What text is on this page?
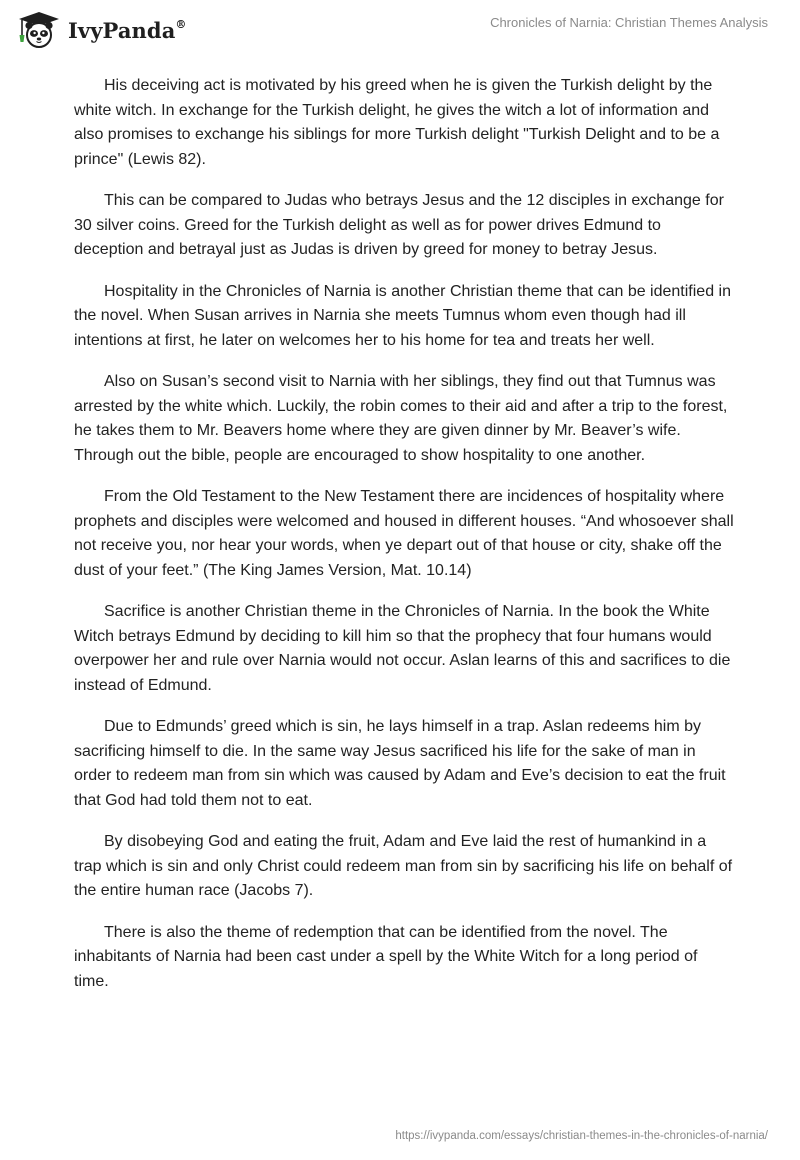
IvyPanda®	Chronicles of Narnia: Christian Themes Analysis

His deceiving act is motivated by his greed when he is given the Turkish delight by the white witch. In exchange for the Turkish delight, he gives the witch a lot of information and also promises to exchange his siblings for more Turkish delight "Turkish Delight and to be a prince" (Lewis 82).

This can be compared to Judas who betrays Jesus and the 12 disciples in exchange for 30 silver coins. Greed for the Turkish delight as well as for power drives Edmund to deception and betrayal just as Judas is driven by greed for money to betray Jesus.

Hospitality in the Chronicles of Narnia is another Christian theme that can be identified in the novel. When Susan arrives in Narnia she meets Tumnus whom even though had ill intentions at first, he later on welcomes her to his home for tea and treats her well.

Also on Susan’s second visit to Narnia with her siblings, they find out that Tumnus was arrested by the white which. Luckily, the robin comes to their aid and after a trip to the forest, he takes them to Mr. Beavers home where they are given dinner by Mr. Beaver’s wife. Through out the bible, people are encouraged to show hospitality to one another.

From the Old Testament to the New Testament there are incidences of hospitality where prophets and disciples were welcomed and housed in different houses. “And whosoever shall not receive you, nor hear your words, when ye depart out of that house or city, shake off the dust of your feet.” (The King James Version, Mat. 10.14)

Sacrifice is another Christian theme in the Chronicles of Narnia. In the book the White Witch betrays Edmund by deciding to kill him so that the prophecy that four humans would overpower her and rule over Narnia would not occur. Aslan learns of this and sacrifices to die instead of Edmund.

Due to Edmunds’ greed which is sin, he lays himself in a trap. Aslan redeems him by sacrificing himself to die. In the same way Jesus sacrificed his life for the sake of man in order to redeem man from sin which was caused by Adam and Eve’s decision to eat the fruit that God had told them not to eat.

By disobeying God and eating the fruit, Adam and Eve laid the rest of humankind in a trap which is sin and only Christ could redeem man from sin by sacrificing his life on behalf of the entire human race (Jacobs 7).

There is also the theme of redemption that can be identified from the novel. The inhabitants of Narnia had been cast under a spell by the White Witch for a long period of time.

https://ivypanda.com/essays/christian-themes-in-the-chronicles-of-narnia/
